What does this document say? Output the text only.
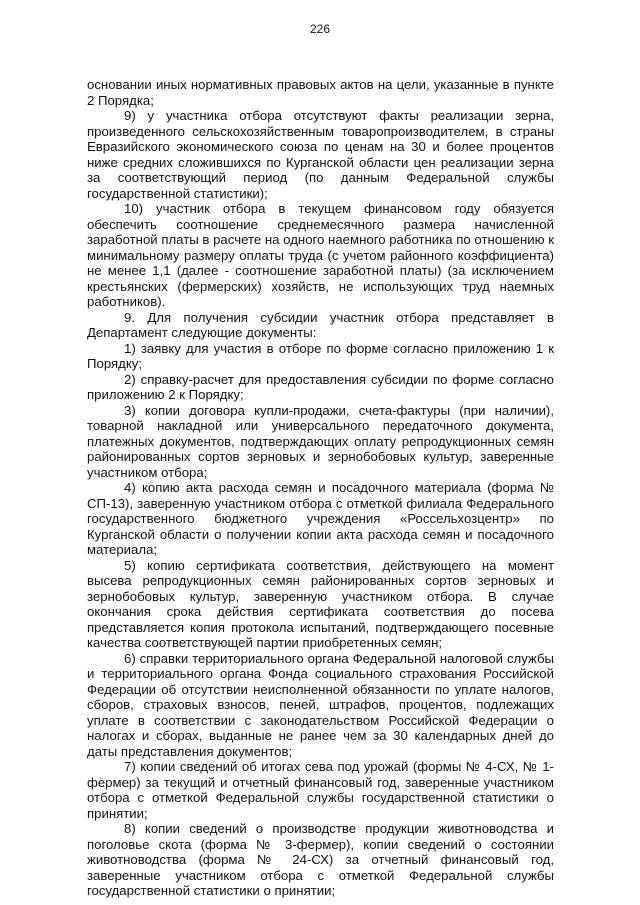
226

основании иных нормативных правовых актов на цели, указанные в пункте 2 Порядка;

9) у участника отбора отсутствуют факты реализации зерна, произведенного сельскохозяйственным товаропроизводителем, в страны Евразийского экономического союза по ценам на 30 и более процентов ниже средних сложившихся по Курганской области цен реализации зерна за соответствующий период (по данным Федеральной службы государственной статистики);

10) участник отбора в текущем финансовом году обязуется обеспечить соотношение среднемесячного размера начисленной заработной платы в расчете на одного наемного работника по отношению к минимальному размеру оплаты труда (с учетом районного коэффициента) не менее 1,1 (далее - соотношение заработной платы) (за исключением крестьянских (фермерских) хозяйств, не использующих труд наемных работников).

9. Для получения субсидии участник отбора представляет в Департамент следующие документы:

1) заявку для участия в отборе по форме согласно приложению 1 к Порядку;

2) справку-расчет для предоставления субсидии по форме согласно приложению 2 к Порядку;

3) копии договора купли-продажи, счета-фактуры (при наличии), товарной накладной или универсального передаточного документа, платежных документов, подтверждающих оплату репродукционных семян районированных сортов зерновых и зернобобовых культур, заверенные участником отбора;

4) копию акта расхода семян и посадочного материала (форма № СП-13), заверенную участником отбора с отметкой филиала Федерального государственного бюджетного учреждения «Россельхозцентр» по Курганской области о получении копии акта расхода семян и посадочного материала;

5) копию сертификата соответствия, действующего на момент высева репродукционных семян районированных сортов зерновых и зернобобовых культур, заверенную участником отбора. В случае окончания срока действия сертификата соответствия до посева представляется копия протокола испытаний, подтверждающего посевные качества соответствующей партии приобретенных семян;

6) справки территориального органа Федеральной налоговой службы и территориального органа Фонда социального страхования Российской Федерации об отсутствии неисполненной обязанности по уплате налогов, сборов, страховых взносов, пеней, штрафов, процентов, подлежащих уплате в соответствии с законодательством Российской Федерации о налогах и сборах, выданные не ранее чем за 30 календарных дней до даты представления документов;

7) копии сведений об итогах сева под урожай (формы № 4-СХ, № 1-фермер) за текущий и отчетный финансовый год, заверенные участником отбора с отметкой Федеральной службы государственной статистики о принятии;

8) копии сведений о производстве продукции животноводства и поголовье скота (форма № 3-фермер), копии сведений о состоянии животноводства (форма № 24-СХ) за отчетный финансовый год, заверенные участником отбора с отметкой Федеральной службы государственной статистики о принятии;
